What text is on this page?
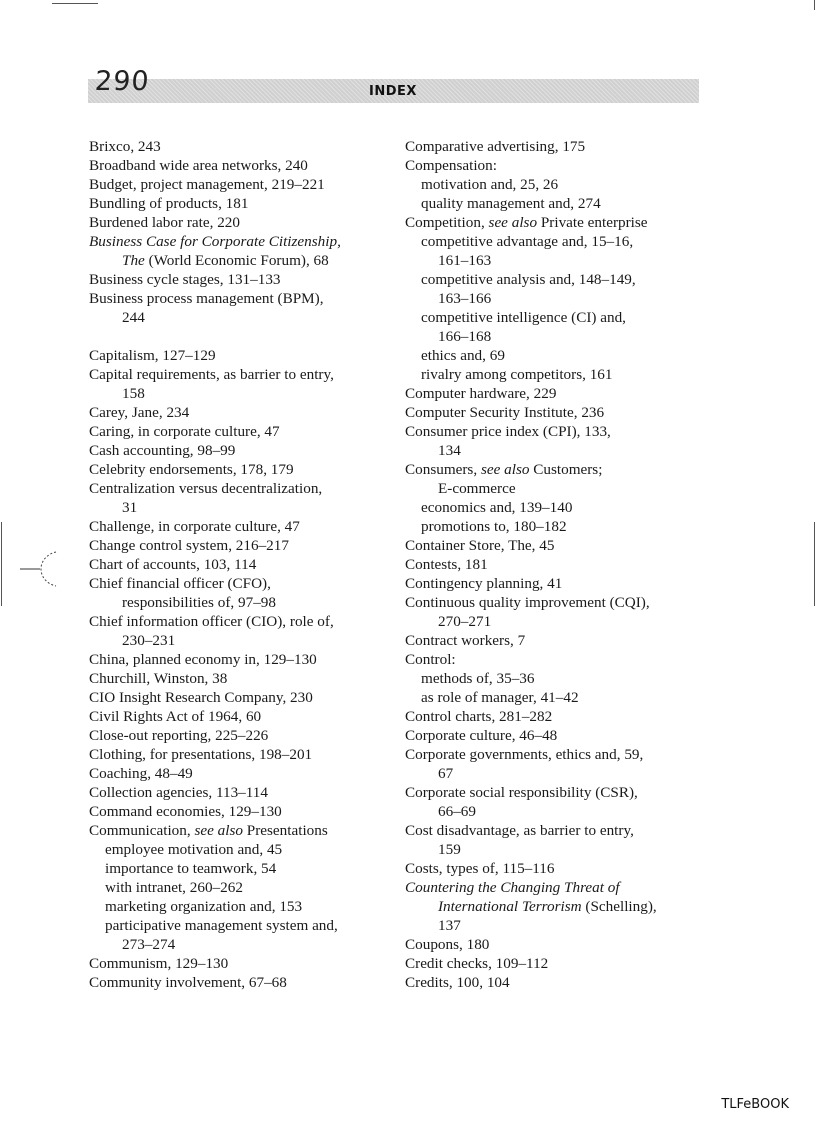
290	INDEX
Brixco, 243
Broadband wide area networks, 240
Budget, project management, 219–221
Bundling of products, 181
Burdened labor rate, 220
Business Case for Corporate Citizenship,
The (World Economic Forum), 68
Business cycle stages, 131–133
Business process management (BPM),
244
Capitalism, 127–129
Capital requirements, as barrier to entry,
158
Carey, Jane, 234
Caring, in corporate culture, 47
Cash accounting, 98–99
Celebrity endorsements, 178, 179
Centralization versus decentralization,
31
Challenge, in corporate culture, 47
Change control system, 216–217
Chart of accounts, 103, 114
Chief financial officer (CFO),
responsibilities of, 97–98
Chief information officer (CIO), role of,
230–231
China, planned economy in, 129–130
Churchill, Winston, 38
CIO Insight Research Company, 230
Civil Rights Act of 1964, 60
Close-out reporting, 225–226
Clothing, for presentations, 198–201
Coaching, 48–49
Collection agencies, 113–114
Command economies, 129–130
Communication, see also Presentations
employee motivation and, 45
importance to teamwork, 54
with intranet, 260–262
marketing organization and, 153
participative management system and,
273–274
Communism, 129–130
Community involvement, 67–68
Comparative advertising, 175
Compensation:
motivation and, 25, 26
quality management and, 274
Competition, see also Private enterprise
competitive advantage and, 15–16,
161–163
competitive analysis and, 148–149,
163–166
competitive intelligence (CI) and,
166–168
ethics and, 69
rivalry among competitors, 161
Computer hardware, 229
Computer Security Institute, 236
Consumer price index (CPI), 133,
134
Consumers, see also Customers;
E-commerce
economics and, 139–140
promotions to, 180–182
Container Store, The, 45
Contests, 181
Contingency planning, 41
Continuous quality improvement (CQI),
270–271
Contract workers, 7
Control:
methods of, 35–36
as role of manager, 41–42
Control charts, 281–282
Corporate culture, 46–48
Corporate governments, ethics and, 59,
67
Corporate social responsibility (CSR),
66–69
Cost disadvantage, as barrier to entry,
159
Costs, types of, 115–116
Countering the Changing Threat of
International Terrorism (Schelling),
137
Coupons, 180
Credit checks, 109–112
Credits, 100, 104
TLFeBOOK
